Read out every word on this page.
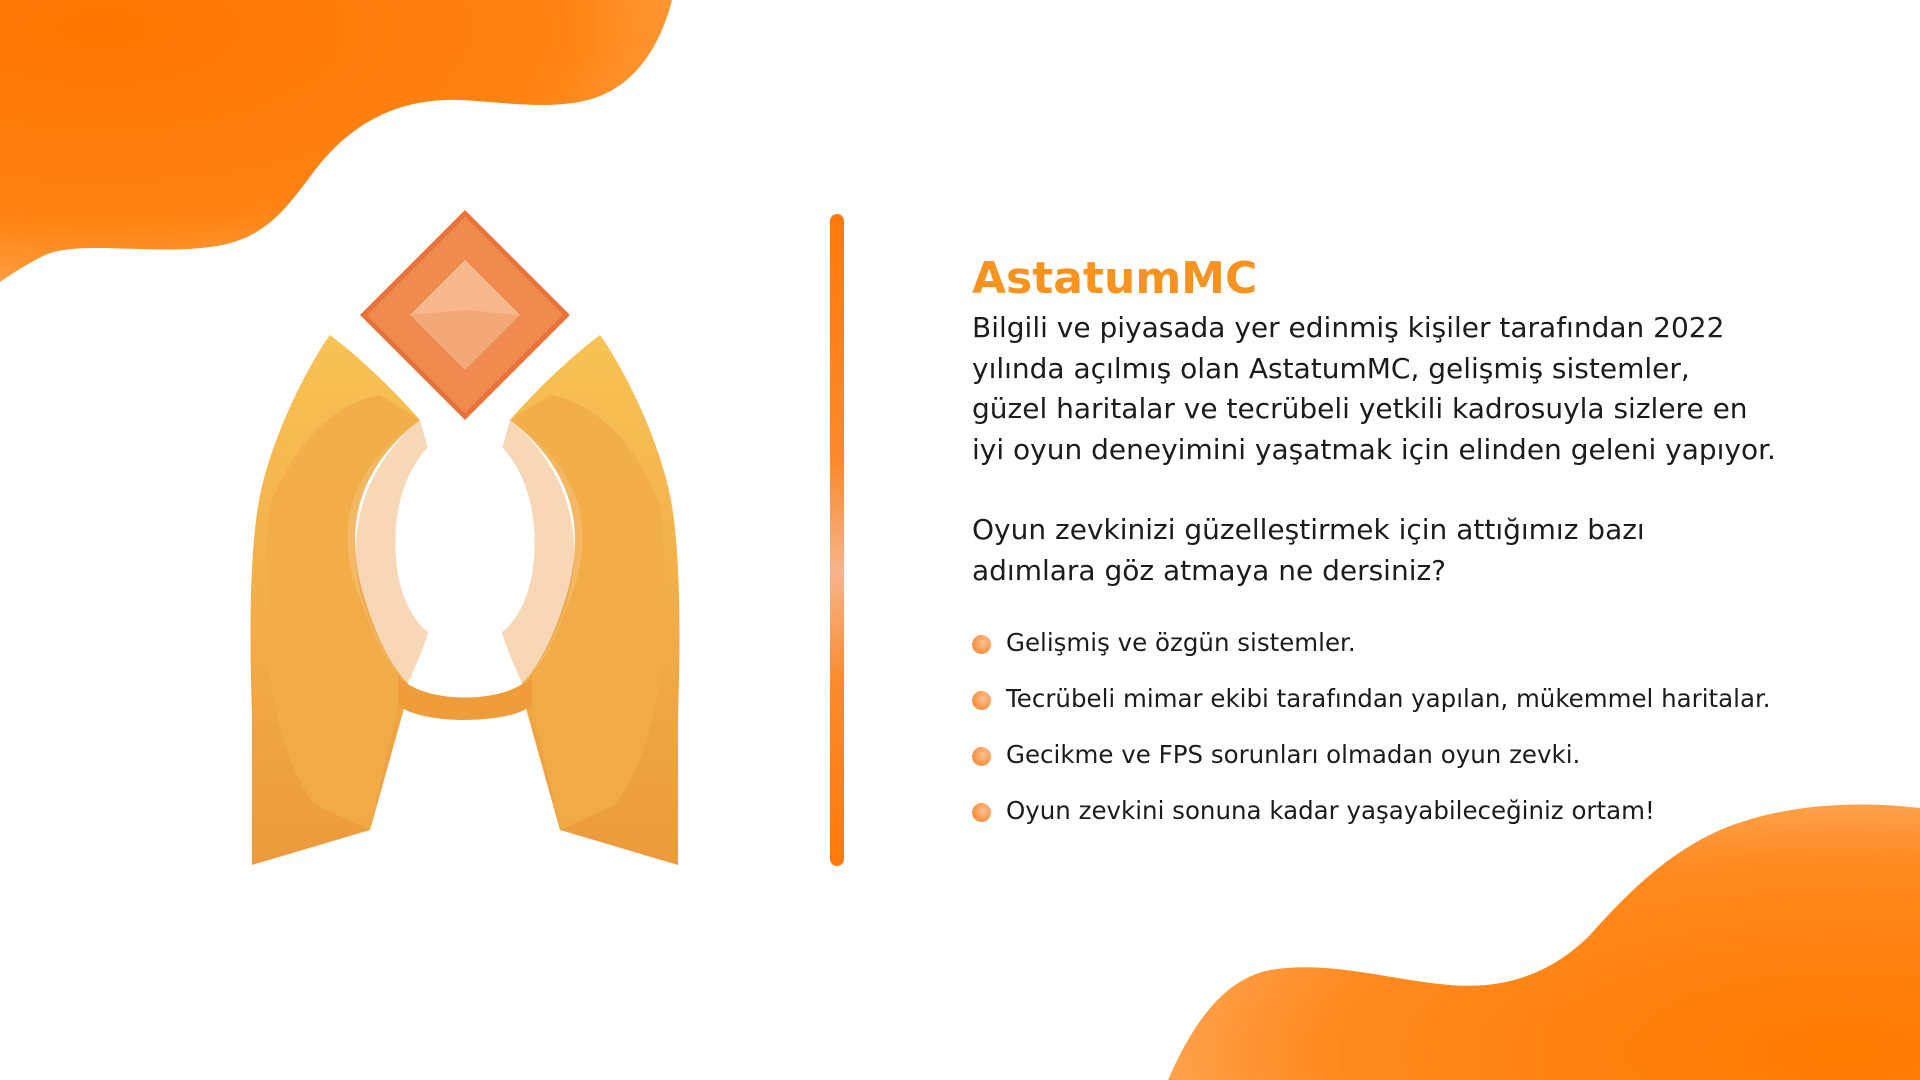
AstatumMC

Bilgili ve piyasada yer edinmiş kişiler tarafından 2022
yılında açılmış olan AstatumMC, gelişmiş sistemler,
güzel haritalar ve tecrübeli yetkili kadrosuyla sizlere en
iyi oyun deneyimini yaşatmak için elinden geleni yapıyor.

Oyun zevkinizi güzelleştirmek için attığımız bazı
adımlara göz atmaya ne dersiniz?

Gelişmiş ve özgün sistemler.
Tecrübeli mimar ekibi tarafından yapılan, mükemmel haritalar.
Gecikme ve FPS sorunları olmadan oyun zevki.
Oyun zevkini sonuna kadar yaşayabileceğiniz ortam!
